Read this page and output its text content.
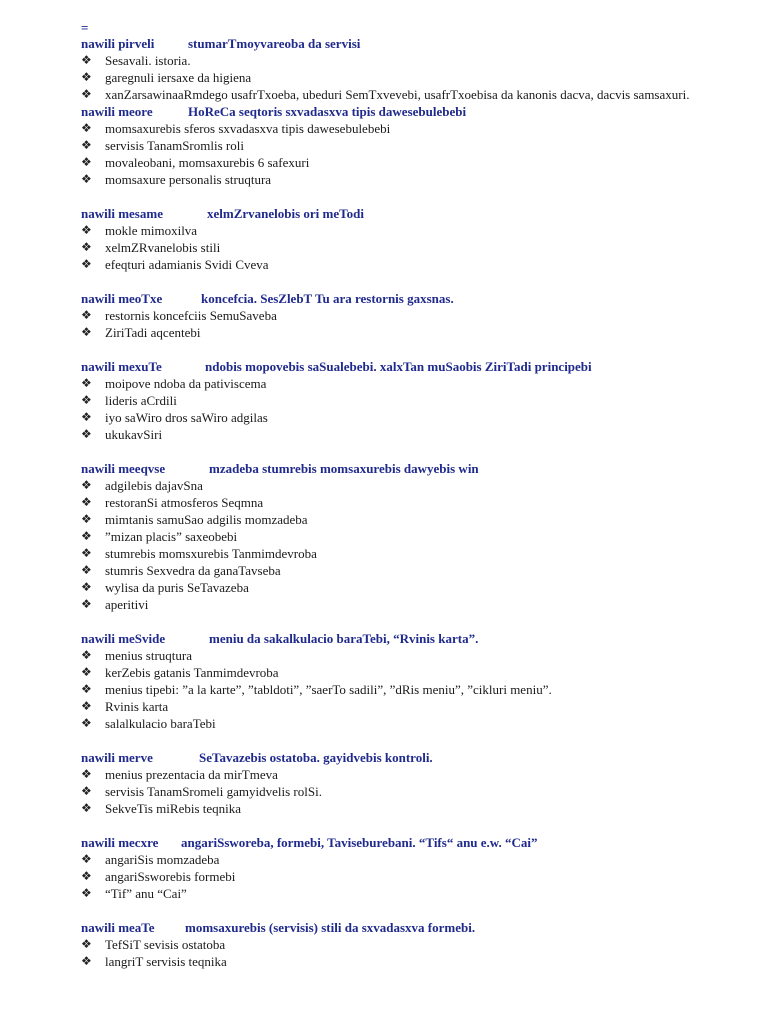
=
nawili pirveli	stumarTmoyvareoba da servisi
❖ Sesavali. istoria.
❖ garegnuli iersaxe da higiena
❖ xanZarsawinaaRmdego usafrTxoeba, ubeduri SemTxvevebi, usafrTxoebisa da kanonis dacva, dacvis samsaxuri.
nawili meore	HoReCa seqtoris sxvadasxva tipis dawesebulebebi
❖ momsaxurebis sferos sxvadasxva tipis dawesebulebebi
❖ servisis TanamSromlis roli
❖ movaleobani, momsaxurebis 6 safexuri
❖ momsaxure personalis struqtura
nawili mesame	xelmZrvanelobis ori meTodi
❖ mokle mimoxilva
❖ xelmZRvanelobis stili
❖ efeqturi adamianis Svidi Cveva
nawili meoTxe	koncefcia. SesZlebT Tu ara restornis gaxsnas.
❖ restornis koncefciis SemuSaveba
❖ ZiriTadi aqcentebi
nawili mexuTe	ndobis mopovebis saSualebebi. xalxTan muSaobis ZiriTadi principebi
❖ moipove ndoba da pativiscema
❖ lideris aCrdili
❖ iyo saWiro dros saWiro adgilas
❖ ukukavSiri
nawili meeqvse	mzadeba stumrebis momsaxurebis dawyebis win
❖ adgilebis dajavSna
❖ restoranSi atmosferos Seqmna
❖ mimtanis samuSao adgilis momzadeba
❖ ”mizan placis” saxeobebi
❖ stumrebis momsxurebis Tanmimdevroba
❖ stumris Sexvedra da ganaTavseba
❖ wylisa da puris SeTavazeba
❖ aperitivi
nawili meSvide	meniu da sakalkulacio baraTebi, “Rvinis karta”.
❖ menius struqtura
❖ kerZebis gatanis Tanmimdevroba
❖ menius tipebi: ”a la karte”, ”tabldoti”, ”saerTo sadili”, ”dRis meniu”, ”cikluri meniu”.
❖ Rvinis karta
❖ salalkulacio baraTebi
nawili merve	SeTavazebis ostatoba. gayidvebis kontroli.
❖ menius prezentacia da mirTmeva
❖ servisis TanamSromeli gamyidvelis rolSi.
❖ SekveTis miRebis teqnika
nawili mecxre angariSsworeba, formebi, Taviseburebani. “Tifs“ anu e.w. “Cai”
❖ angariSis momzadeba
❖ angariSsworebis formebi
❖ “Tif” anu “Cai”
nawili meaTe momsaxurebis (servisis) stili da sxvadasxva formebi.
❖ TefSiT sevisis ostatoba
❖ langriT servisis teqnika
